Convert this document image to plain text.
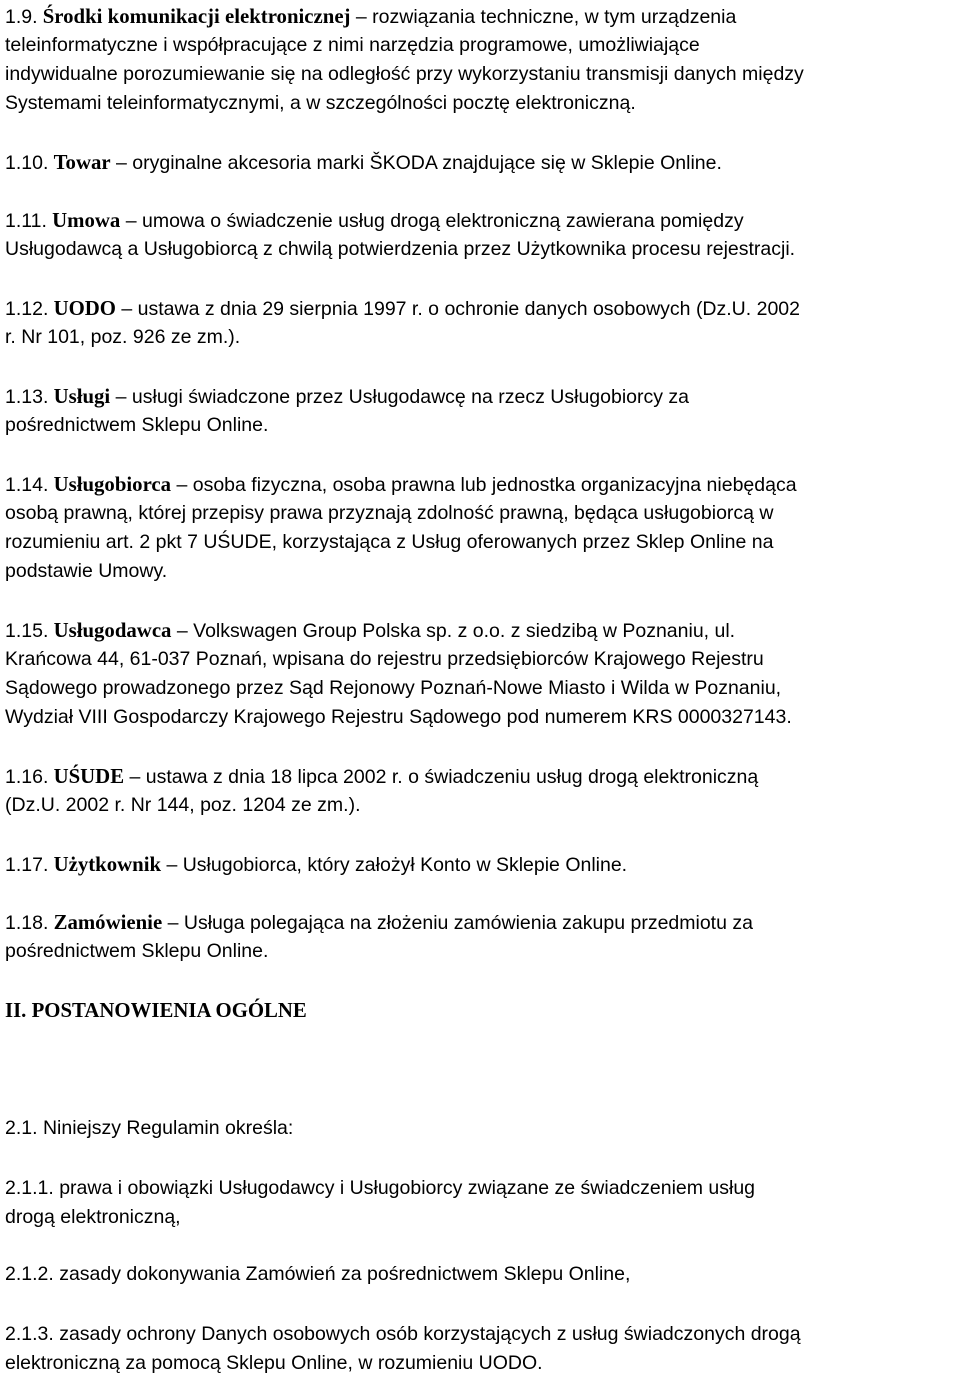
1.9. Środki komunikacji elektronicznej – rozwiązania techniczne, w tym urządzenia
teleinformatyczne i współpracujące z nimi narzędzia programowe, umożliwiające
indywidualne porozumiewanie się na odległość przy wykorzystaniu transmisji danych między
Systemami teleinformatycznymi, a w szczególności pocztę elektroniczną.
1.10. Towar – oryginalne akcesoria marki ŠKODA znajdujące się w Sklepie Online.
1.11. Umowa – umowa o świadczenie usług drogą elektroniczną zawierana pomiędzy
Usługodawcą a Usługobiorcą z chwilą potwierdzenia przez Użytkownika procesu rejestracji.
1.12. UODO – ustawa z dnia 29 sierpnia 1997 r. o ochronie danych osobowych (Dz.U. 2002
r. Nr 101, poz. 926 ze zm.).
1.13. Usługi – usługi świadczone przez Usługodawcę na rzecz Usługobiorcy za
pośrednictwem Sklepu Online.
1.14. Usługobiorca – osoba fizyczna, osoba prawna lub jednostka organizacyjna niebędąca
osobą prawną, której przepisy prawa przyznają zdolność prawną, będąca usługobiorcą w
rozumieniu art. 2 pkt 7 UŚUDE, korzystająca z Usług oferowanych przez Sklep Online na
podstawie Umowy.
1.15. Usługodawca – Volkswagen Group Polska sp. z o.o. z siedzibą w Poznaniu, ul.
Krańcowa 44, 61-037 Poznań, wpisana do rejestru przedsiębiorców Krajowego Rejestru
Sądowego prowadzonego przez Sąd Rejonowy Poznań-Nowe Miasto i Wilda w Poznaniu,
Wydział VIII Gospodarczy Krajowego Rejestru Sądowego pod numerem KRS 0000327143.
1.16. UŚUDE – ustawa z dnia 18 lipca 2002 r. o świadczeniu usług drogą elektroniczną
(Dz.U. 2002 r. Nr 144, poz. 1204 ze zm.).
1.17. Użytkownik – Usługobiorca, który założył Konto w Sklepie Online.
1.18. Zamówienie – Usługa polegająca na złożeniu zamówienia zakupu przedmiotu za
pośrednictwem Sklepu Online.
II. POSTANOWIENIA OGÓLNE
2.1. Niniejszy Regulamin określa:
2.1.1. prawa i obowiązki Usługodawcy i Usługobiorcy związane ze świadczeniem usług
drogą elektroniczną,
2.1.2. zasady dokonywania Zamówień za pośrednictwem Sklepu Online,
2.1.3. zasady ochrony Danych osobowych osób korzystających z usług świadczonych drogą
elektroniczną za pomocą Sklepu Online, w rozumieniu UODO.
